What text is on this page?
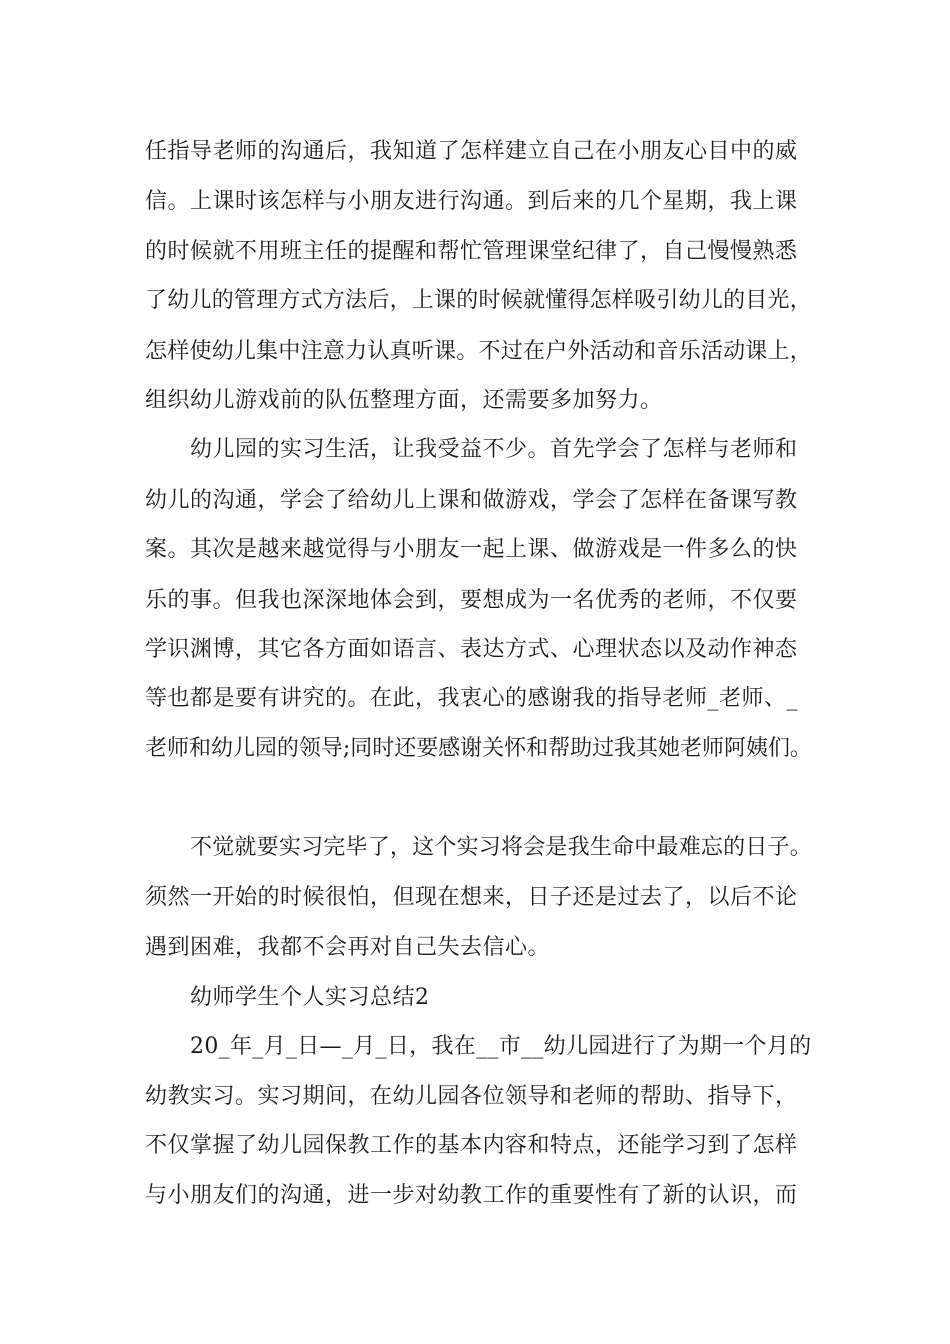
任指导老师的沟通后，我知道了怎样建立自己在小朋友心目中的威
信。上课时该怎样与小朋友进行沟通。到后来的几个星期，我上课
的时候就不用班主任的提醒和帮忙管理课堂纪律了，自己慢慢熟悉
了幼儿的管理方式方法后，上课的时候就懂得怎样吸引幼儿的目光，
怎样使幼儿集中注意力认真听课。不过在户外活动和音乐活动课上，
组织幼儿游戏前的队伍整理方面，还需要多加努力。
幼儿园的实习生活，让我受益不少。首先学会了怎样与老师和
幼儿的沟通，学会了给幼儿上课和做游戏，学会了怎样在备课写教
案。其次是越来越觉得与小朋友一起上课、做游戏是一件多么的快
乐的事。但我也深深地体会到，要想成为一名优秀的老师，不仅要
学识渊博，其它各方面如语言、表达方式、心理状态以及动作神态
等也都是要有讲究的。在此，我衷心的感谢我的指导老师_老师、_
老师和幼儿园的领导;同时还要感谢关怀和帮助过我其她老师阿姨们。
不觉就要实习完毕了，这个实习将会是我生命中最难忘的日子。
须然一开始的时候很怕，但现在想来，日子还是过去了，以后不论
遇到困难，我都不会再对自己失去信心。
幼师学生个人实习总结2
20_年_月_日—_月_日，我在__市__幼儿园进行了为期一个月的
幼教实习。实习期间，在幼儿园各位领导和老师的帮助、指导下，
不仅掌握了幼儿园保教工作的基本内容和特点，还能学习到了怎样
与小朋友们的沟通，进一步对幼教工作的重要性有了新的认识，而
